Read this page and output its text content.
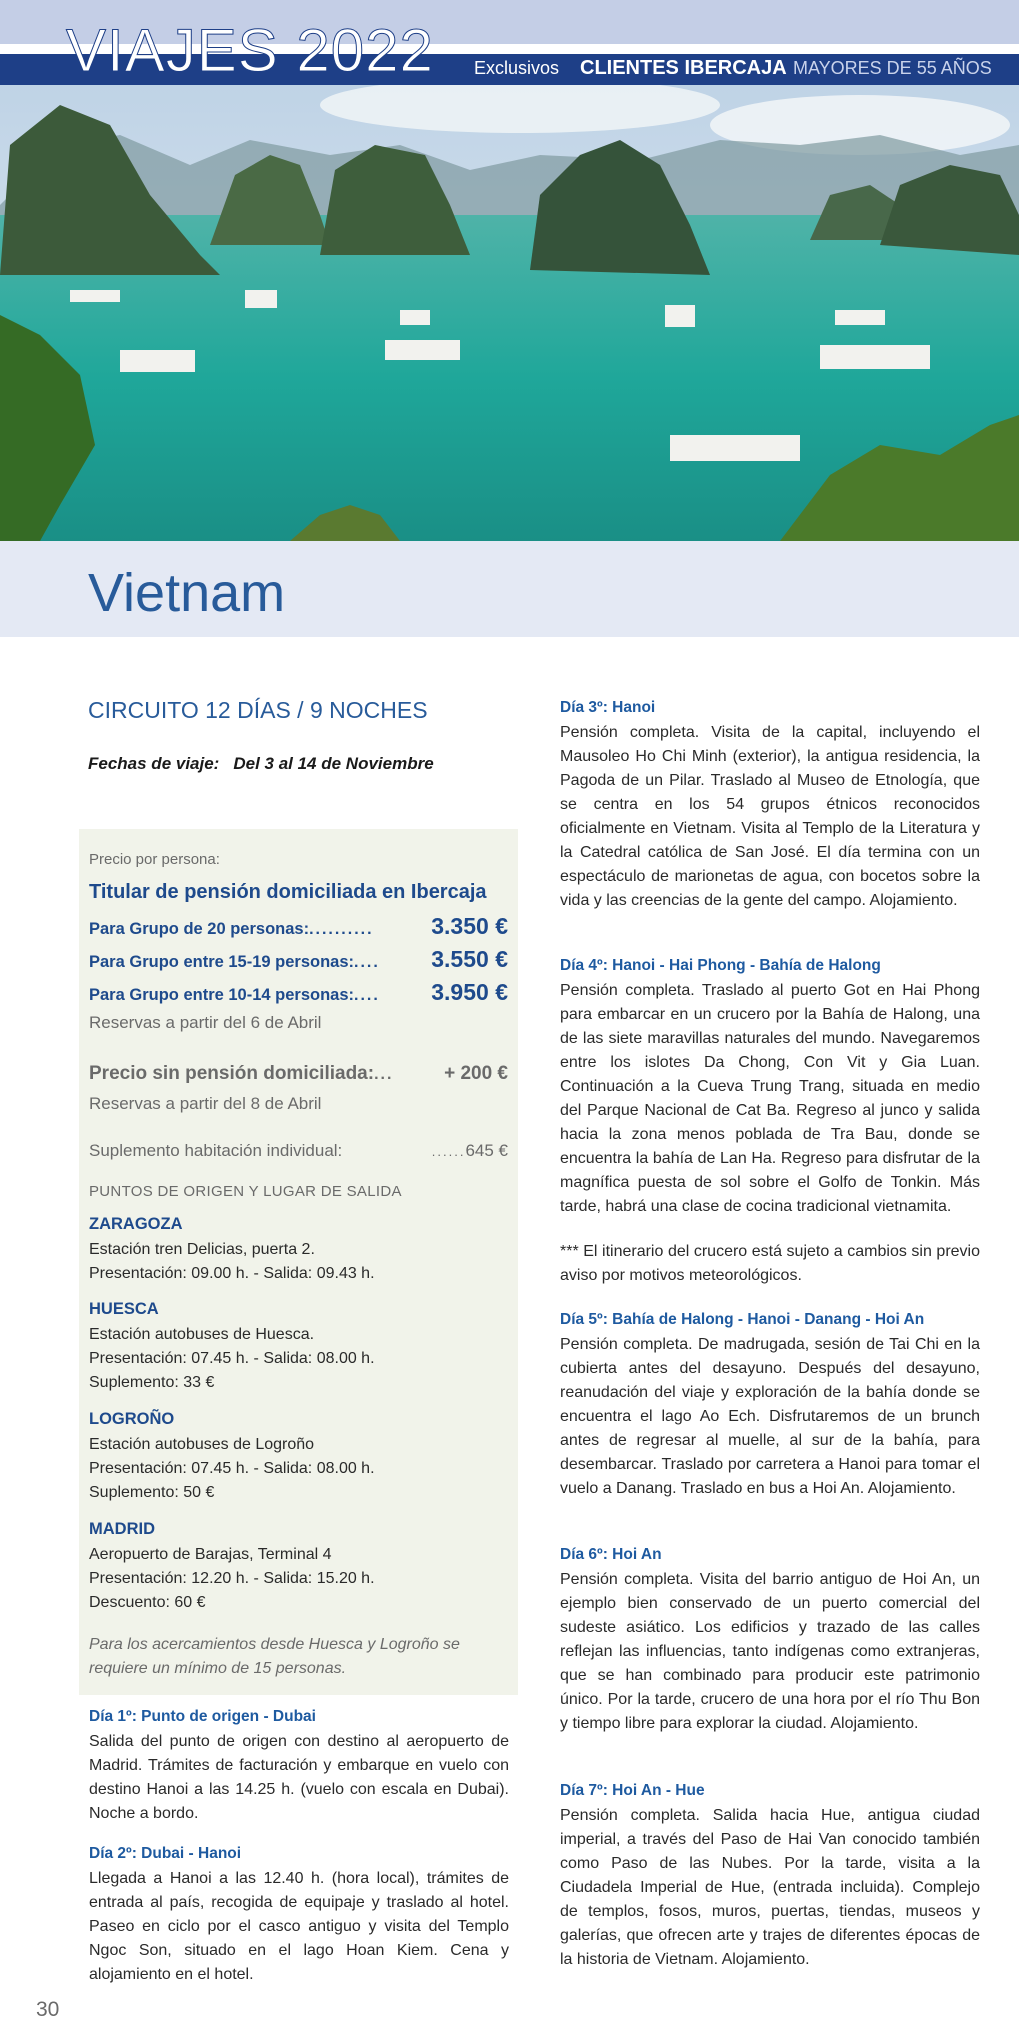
VIAJES 2022 Exclusivos CLIENTES IBERCAJA MAYORES DE 55 AÑOS
Vietnam
CIRCUITO 12 DÍAS / 9 NOCHES
Fechas de viaje: Del 3 al 14 de Noviembre
Precio por persona:
Titular de pensión domiciliada en Ibercaja
Para Grupo de 20 personas: ..........	3.350 €
Para Grupo entre 15-19 personas: ....	3.550 €
Para Grupo entre 10-14 personas: ....	3.950 €
Reservas a partir del 6 de Abril
Precio sin pensión domiciliada: ...	+ 200 €
Reservas a partir del 8 de Abril
Suplemento habitación individual:	...... 645 €
PUNTOS DE ORIGEN Y LUGAR DE SALIDA
ZARAGOZA
Estación tren Delicias, puerta 2.
Presentación: 09.00 h. - Salida: 09.43 h.
HUESCA
Estación autobuses de Huesca.
Presentación: 07.45 h. - Salida: 08.00 h.
Suplemento: 33 €
LOGROÑO
Estación autobuses de Logroño
Presentación: 07.45 h. - Salida: 08.00 h.
Suplemento: 50 €
MADRID
Aeropuerto de Barajas, Terminal 4
Presentación: 12.20 h. - Salida: 15.20 h.
Descuento: 60 €
Para los acercamientos desde Huesca y Logroño se requiere un mínimo de 15 personas.
Día 1º: Punto de origen - Dubai

Salida del punto de origen con destino al aeropuerto de Madrid. Trámites de facturación y embarque en vuelo con destino Hanoi a las 14.25 h. (vuelo con escala en Dubai). Noche a bordo.

Día 2º: Dubai - Hanoi

Llegada a Hanoi a las 12.40 h. (hora local), trámites de entrada al país, recogida de equipaje y traslado al hotel. Paseo en ciclo por el casco antiguo y visita del Templo Ngoc Son, situado en el lago Hoan Kiem. Cena y alojamiento en el hotel.

Día 3º: Hanoi

Pensión completa. Visita de la capital, incluyendo el Mausoleo Ho Chi Minh (exterior), la antigua residencia, la Pagoda de un Pilar. Traslado al Museo de Etnología, que se centra en los 54 grupos étnicos reconocidos oficialmente en Vietnam. Visita al Templo de la Literatura y la Catedral católica de San José. El día termina con un espectáculo de marionetas de agua, con bocetos sobre la vida y las creencias de la gente del campo. Alojamiento.

Día 4º: Hanoi - Hai Phong - Bahía de Halong

Pensión completa. Traslado al puerto Got en Hai Phong para embarcar en un crucero por la Bahía de Halong, una de las siete maravillas naturales del mundo. Navegaremos entre los islotes Da Chong, Con Vit y Gia Luan. Continuación a la Cueva Trung Trang, situada en medio del Parque Nacional de Cat Ba. Regreso al junco y salida hacia la zona menos poblada de Tra Bau, donde se encuentra la bahía de Lan Ha. Regreso para disfrutar de la magnífica puesta de sol sobre el Golfo de Tonkin. Más tarde, habrá una clase de cocina tradicional vietnamita.

*** El itinerario del crucero está sujeto a cambios sin previo aviso por motivos meteorológicos.

Día 5º: Bahía de Halong - Hanoi - Danang - Hoi An

Pensión completa. De madrugada, sesión de Tai Chi en la cubierta antes del desayuno. Después del desayuno, reanudación del viaje y exploración de la bahía donde se encuentra el lago Ao Ech. Disfrutaremos de un brunch antes de regresar al muelle, al sur de la bahía, para desembarcar. Traslado por carretera a Hanoi para tomar el vuelo a Danang. Traslado en bus a Hoi An. Alojamiento.

Día 6º: Hoi An

Pensión completa. Visita del barrio antiguo de Hoi An, un ejemplo bien conservado de un puerto comercial del sudeste asiático. Los edificios y trazado de las calles reflejan las influencias, tanto indígenas como extranjeras, que se han combinado para producir este patrimonio único. Por la tarde, crucero de una hora por el río Thu Bon y tiempo libre para explorar la ciudad. Alojamiento.

Día 7º: Hoi An - Hue

Pensión completa. Salida hacia Hue, antigua ciudad imperial, a través del Paso de Hai Van conocido también como Paso de las Nubes. Por la tarde, visita a la Ciudadela Imperial de Hue, (entrada incluida). Complejo de templos, fosos, muros, puertas, tiendas, museos y galerías, que ofrecen arte y trajes de diferentes épocas de la historia de Vietnam. Alojamiento.

30
